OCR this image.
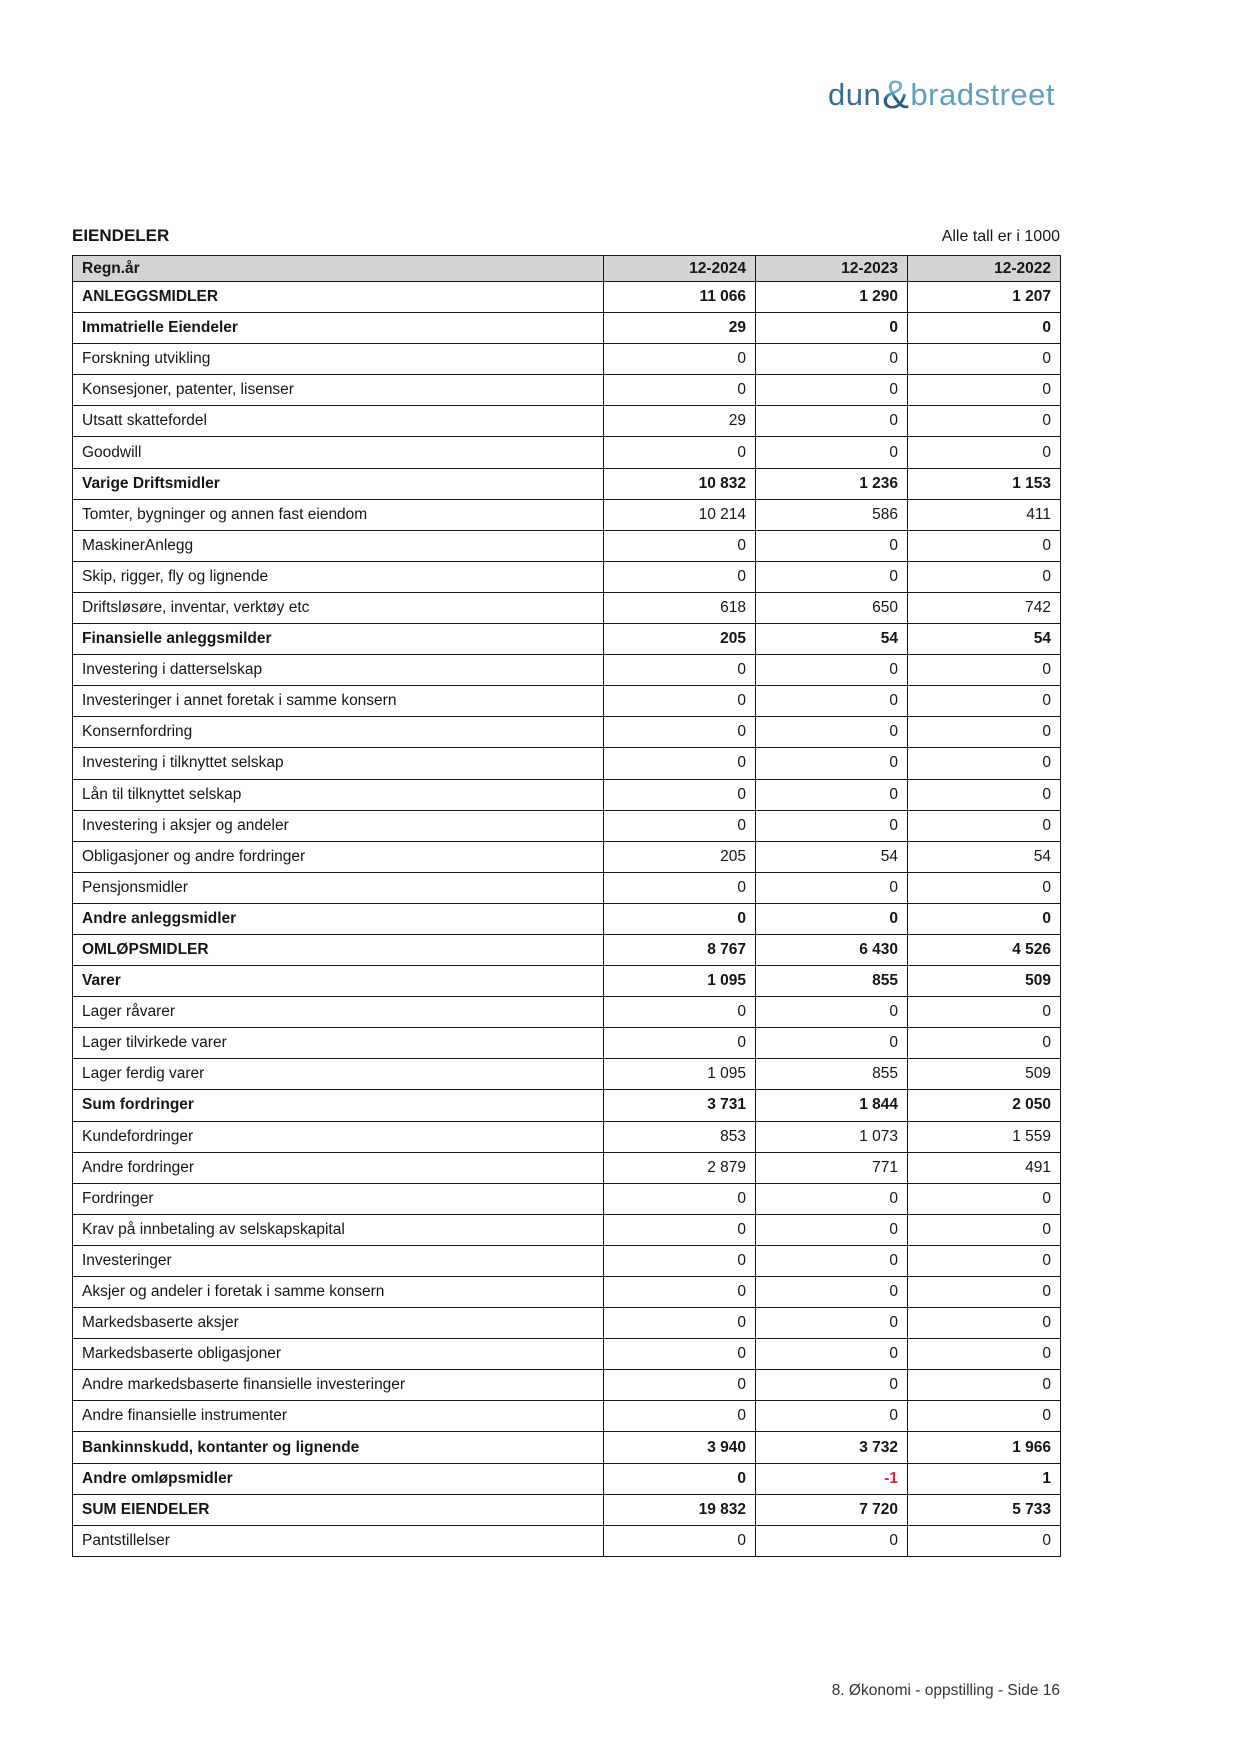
dun&bradstreet
EIENDELER	Alle tall er i 1000
Regn.år	12-2024	12-2023	12-2022
ANLEGGSMIDLER	11 066	1 290	1 207
Immatrielle Eiendeler	29	0	0
Forskning utvikling	0	0	0
Konsesjoner, patenter, lisenser	0	0	0
Utsatt skattefordel	29	0	0
Goodwill	0	0	0
Varige Driftsmidler	10 832	1 236	1 153
Tomter, bygninger og annen fast eiendom	10 214	586	411
MaskinerAnlegg	0	0	0
Skip, rigger, fly og lignende	0	0	0
Driftsløsøre, inventar, verktøy etc	618	650	742
Finansielle anleggsmilder	205	54	54
Investering i datterselskap	0	0	0
Investeringer i annet foretak i samme konsern	0	0	0
Konsernfordring	0	0	0
Investering i tilknyttet selskap	0	0	0
Lån til tilknyttet selskap	0	0	0
Investering i aksjer og andeler	0	0	0
Obligasjoner og andre fordringer	205	54	54
Pensjonsmidler	0	0	0
Andre anleggsmidler	0	0	0
OMLØPSMIDLER	8 767	6 430	4 526
Varer	1 095	855	509
Lager råvarer	0	0	0
Lager tilvirkede varer	0	0	0
Lager ferdig varer	1 095	855	509
Sum fordringer	3 731	1 844	2 050
Kundefordringer	853	1 073	1 559
Andre fordringer	2 879	771	491
Fordringer	0	0	0
Krav på innbetaling av selskapskapital	0	0	0
Investeringer	0	0	0
Aksjer og andeler i foretak i samme konsern	0	0	0
Markedsbaserte aksjer	0	0	0
Markedsbaserte obligasjoner	0	0	0
Andre markedsbaserte finansielle investeringer	0	0	0
Andre finansielle instrumenter	0	0	0
Bankinnskudd, kontanter og lignende	3 940	3 732	1 966
Andre omløpsmidler	0	-1	1
SUM EIENDELER	19 832	7 720	5 733
Pantstillelser	0	0	0
8. Økonomi - oppstilling - Side 16
